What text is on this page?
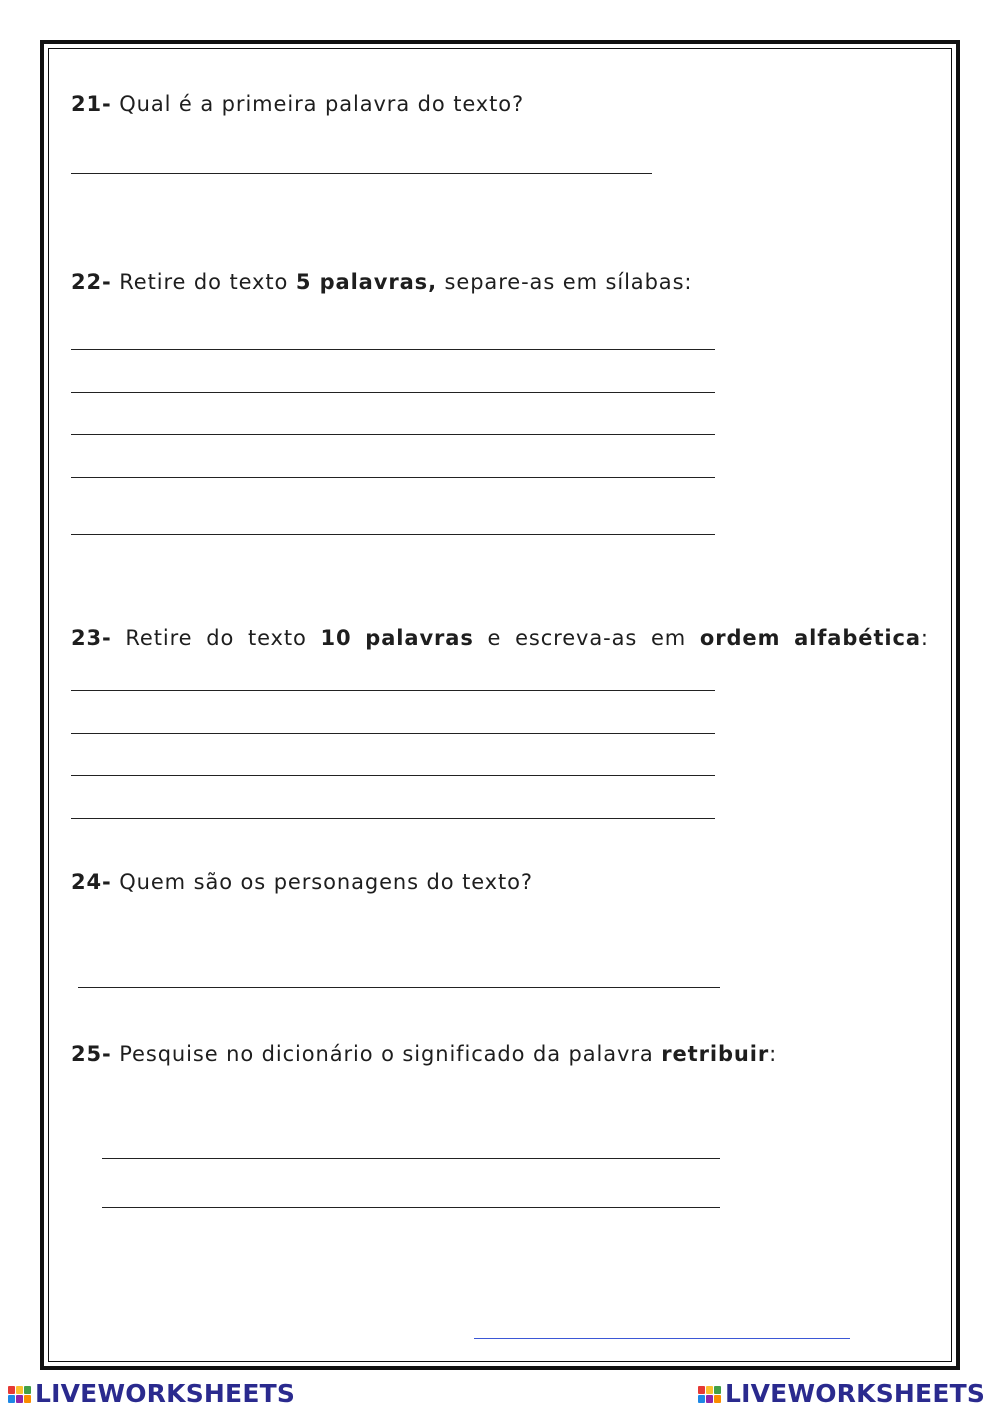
21- Qual é a primeira palavra do texto?

22- Retire do texto 5 palavras, separe-as em sílabas:

23- Retire do texto 10 palavras e escreva-as em ordem alfabética:

24- Quem são os personagens do texto?

25- Pesquise no dicionário o significado da palavra retribuir:

LIVEWORKSHEETS	LIVEWORKSHEETS
